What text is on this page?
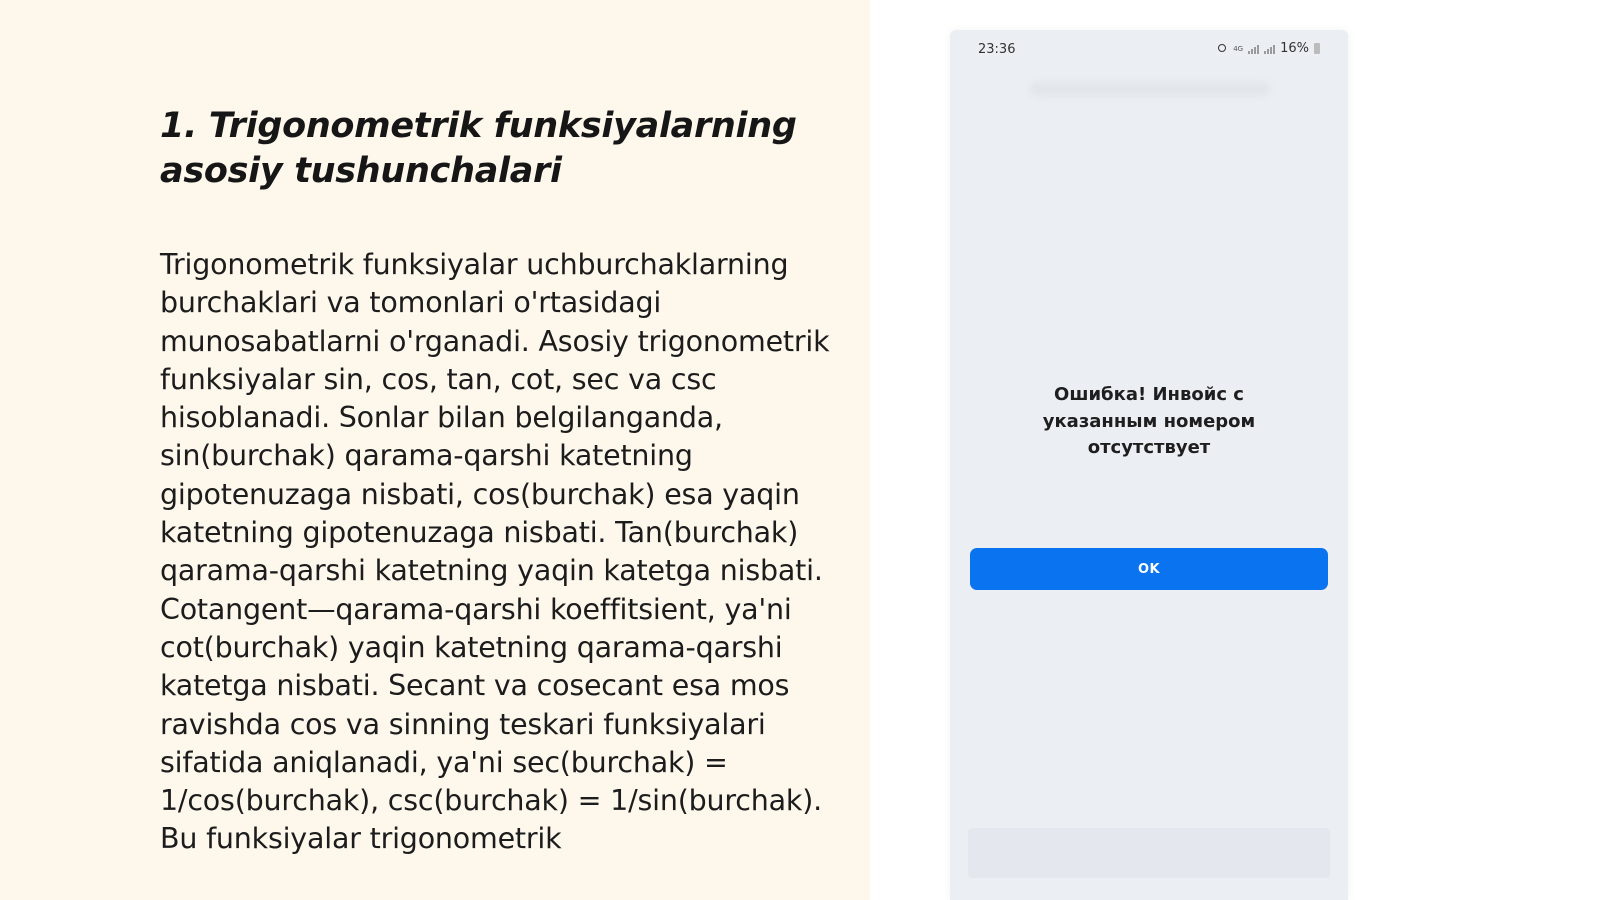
1. Trigonometrik funksiyalarning asosiy tushunchalari

Trigonometrik funksiyalar uchburchaklarning burchaklari va tomonlari o'rtasidagi munosabatlarni o'rganadi. Asosiy trigonometrik funksiyalar sin, cos, tan, cot, sec va csc hisoblanadi. Sonlar bilan belgilanganda, sin(burchak) qarama-qarshi katetning gipotenuzaga nisbati, cos(burchak) esa yaqin katetning gipotenuzaga nisbati. Tan(burchak) qarama-qarshi katetning yaqin katetga nisbati. Cotangent—qarama-qarshi koeffitsient, ya'ni cot(burchak) yaqin katetning qarama-qarshi katetga nisbati. Secant va cosecant esa mos ravishda cos va sinning teskari funksiyalari sifatida aniqlanadi, ya'ni sec(burchak) = 1/cos(burchak), csc(burchak) = 1/sin(burchak). Bu funksiyalar trigonometrik

23:36	4G	16%

Ошибка! Инвойс с указанным номером отсутствует

OK
